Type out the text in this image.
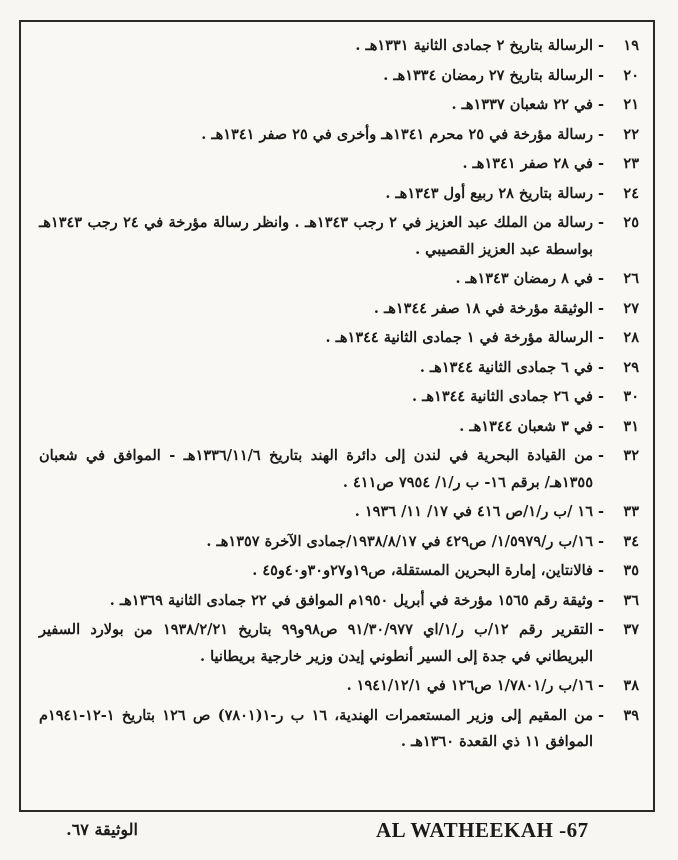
١٩
-
الرسالة بتاريخ ٢ جمادى الثانية ١٣٣١هـ .
٢٠
-
الرسالة بتاريخ ٢٧ رمضان ١٣٣٤هـ .
٢١
-
في ٢٢ شعبان ١٣٣٧هـ .
٢٢
-
رسالة مؤرخة في ٢٥ محرم ١٣٤١هـ وأخرى في ٢٥ صفر ١٣٤١هـ .
٢٣
-
في ٢٨ صفر ١٣٤١هـ .
٢٤
-
رسالة بتاريخ ٢٨ ربيع أول ١٣٤٣هـ .
٢٥
-
رسالة من الملك عبد العزيز في ٢ رجب ١٣٤٣هـ . وانظر رسالة مؤرخة في ٢٤ رجب ١٣٤٣هـ بواسطة عبد العزيز القصيبي .
٢٦
-
في ٨ رمضان ١٣٤٣هـ .
٢٧
-
الوثيقة مؤرخة في ١٨ صفر ١٣٤٤هـ .
٢٨
-
الرسالة مؤرخة في ١ جمادى الثانية ١٣٤٤هـ .
٢٩
-
في ٦ جمادى الثانية ١٣٤٤هـ .
٣٠
-
في ٢٦ جمادى الثانية ١٣٤٤هـ .
٣١
-
في ٣ شعبان ١٣٤٤هـ .
٣٢
-
من القيادة البحرية في لندن إلى دائرة الهند بتاريخ ١٣٣٦/١١/٦هـ - الموافق في شعبان ١٣٥٥هـ/ برقم ١٦- ب ر/١/ ٧٩٥٤ ص٤١١ .
٣٣
-
١٦ /ب ر/١/ص ٤١٦ في ١٧/ ١١/ ١٩٣٦ .
٣٤
-
١٦/ب ر/١/٥٩٧٩/ ص٤٢٩ في ١٩٣٨/٨/١٧/جمادى الآخرة ١٣٥٧هـ .
٣٥
-
فالانتاين، إمارة البحرين المستقلة، ص١٩و٢٧و٣٠و٤٠و٤٥ .
٣٦
-
وثيقة رقم ١٥٦٥ مؤرخة في أبريل ١٩٥٠م الموافق في ٢٢ جمادى الثانية ١٣٦٩هـ .
٣٧
-
التقرير رقم ١٢/ب ر/١/اي ٩١/٣٠/٩٧٧ ص٩٨و٩٩ بتاريخ ١٩٣٨/٢/٢١ من بولارد السفير البريطاني في جدة إلى السير أنطوني إيدن وزير خارجية بريطانيا .
٣٨
-
١٦/ب ر/١/٧٨٠١ ص١٢٦ في ١٩٤١/١٢/١ .
٣٩
-
من المقيم إلى وزير المستعمرات الهندية، ١٦ ب ر-١(٧٨٠١) ص ١٢٦ بتاريخ ١-١٢-١٩٤١م الموافق ١١ ذي القعدة ١٣٦٠هـ .
AL WATHEEKAH -67
الوثيقة ٦٧.
